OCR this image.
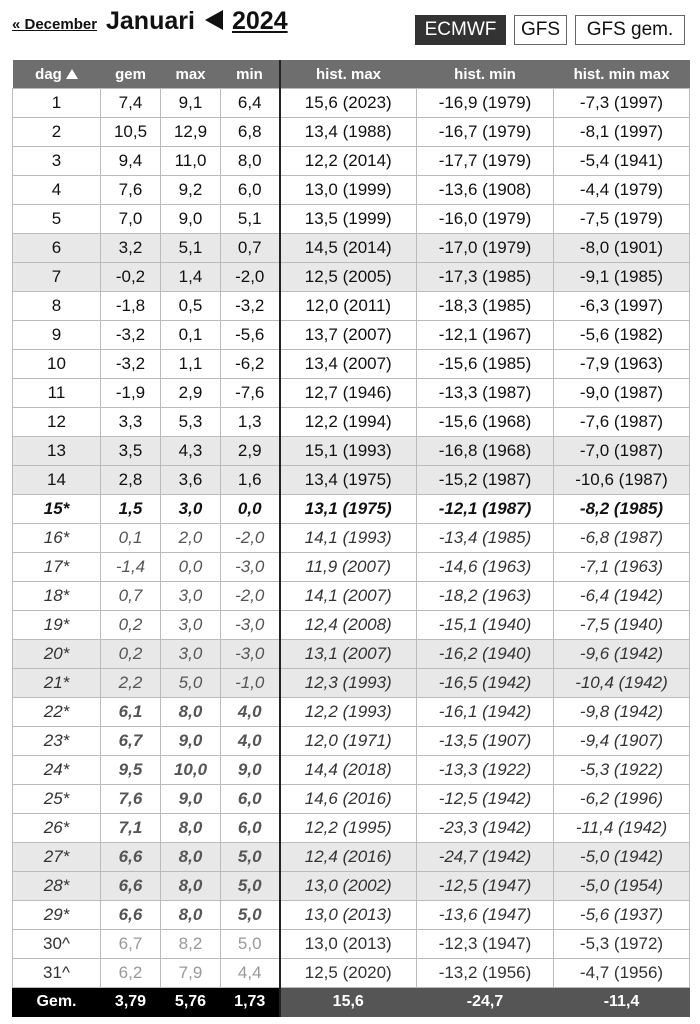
« December Januari 2024	ECMWF	GFS	GFS gem.
dag	gem	max	min	hist. max	hist. min	hist. min max
1	7,4	9,1	6,4	15,6 (2023)	-16,9 (1979)	-7,3 (1997)
2	10,5	12,9	6,8	13,4 (1988)	-16,7 (1979)	-8,1 (1997)
3	9,4	11,0	8,0	12,2 (2014)	-17,7 (1979)	-5,4 (1941)
4	7,6	9,2	6,0	13,0 (1999)	-13,6 (1908)	-4,4 (1979)
5	7,0	9,0	5,1	13,5 (1999)	-16,0 (1979)	-7,5 (1979)
6	3,2	5,1	0,7	14,5 (2014)	-17,0 (1979)	-8,0 (1901)
7	-0,2	1,4	-2,0	12,5 (2005)	-17,3 (1985)	-9,1 (1985)
8	-1,8	0,5	-3,2	12,0 (2011)	-18,3 (1985)	-6,3 (1997)
9	-3,2	0,1	-5,6	13,7 (2007)	-12,1 (1967)	-5,6 (1982)
10	-3,2	1,1	-6,2	13,4 (2007)	-15,6 (1985)	-7,9 (1963)
11	-1,9	2,9	-7,6	12,7 (1946)	-13,3 (1987)	-9,0 (1987)
12	3,3	5,3	1,3	12,2 (1994)	-15,6 (1968)	-7,6 (1987)
13	3,5	4,3	2,9	15,1 (1993)	-16,8 (1968)	-7,0 (1987)
14	2,8	3,6	1,6	13,4 (1975)	-15,2 (1987)	-10,6 (1987)
15*	1,5	3,0	0,0	13,1 (1975)	-12,1 (1987)	-8,2 (1985)
16*	0,1	2,0	-2,0	14,1 (1993)	-13,4 (1985)	-6,8 (1987)
17*	-1,4	0,0	-3,0	11,9 (2007)	-14,6 (1963)	-7,1 (1963)
18*	0,7	3,0	-2,0	14,1 (2007)	-18,2 (1963)	-6,4 (1942)
19*	0,2	3,0	-3,0	12,4 (2008)	-15,1 (1940)	-7,5 (1940)
20*	0,2	3,0	-3,0	13,1 (2007)	-16,2 (1940)	-9,6 (1942)
21*	2,2	5,0	-1,0	12,3 (1993)	-16,5 (1942)	-10,4 (1942)
22*	6,1	8,0	4,0	12,2 (1993)	-16,1 (1942)	-9,8 (1942)
23*	6,7	9,0	4,0	12,0 (1971)	-13,5 (1907)	-9,4 (1907)
24*	9,5	10,0	9,0	14,4 (2018)	-13,3 (1922)	-5,3 (1922)
25*	7,6	9,0	6,0	14,6 (2016)	-12,5 (1942)	-6,2 (1996)
26*	7,1	8,0	6,0	12,2 (1995)	-23,3 (1942)	-11,4 (1942)
27*	6,6	8,0	5,0	12,4 (2016)	-24,7 (1942)	-5,0 (1942)
28*	6,6	8,0	5,0	13,0 (2002)	-12,5 (1947)	-5,0 (1954)
29*	6,6	8,0	5,0	13,0 (2013)	-13,6 (1947)	-5,6 (1937)
30^	6,7	8,2	5,0	13,0 (2013)	-12,3 (1947)	-5,3 (1972)
31^	6,2	7,9	4,4	12,5 (2020)	-13,2 (1956)	-4,7 (1956)
Gem.	3,79	5,76	1,73	15,6	-24,7	-11,4
